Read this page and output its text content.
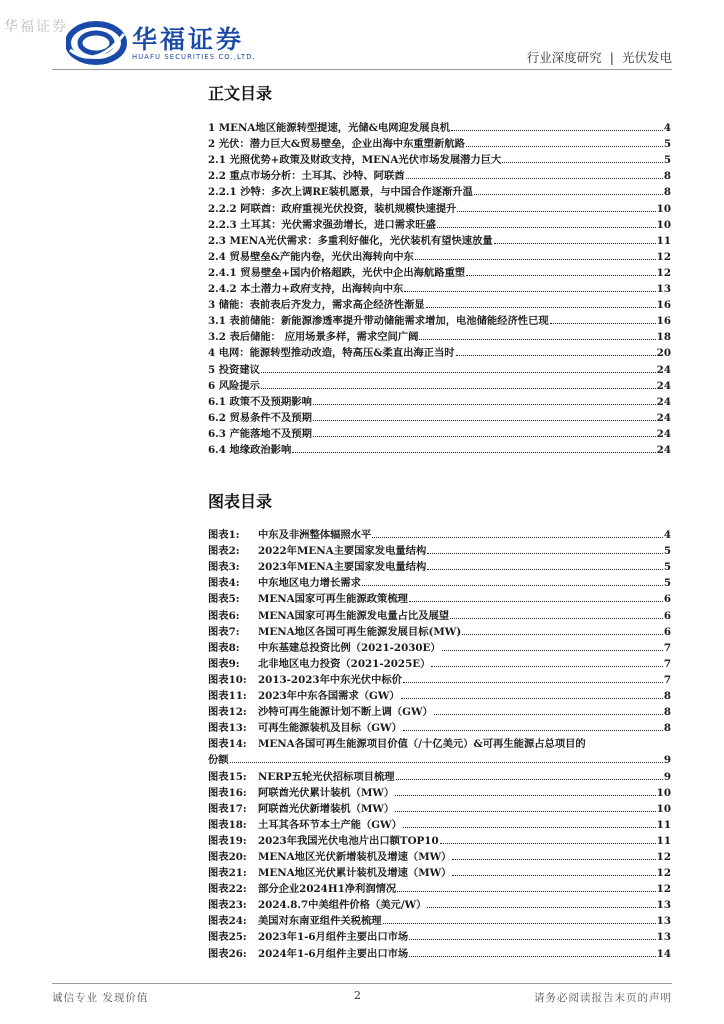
华福证券	华福证券
HUAFU SECURITIES CO.,LTD.	行业深度研究 | 光伏发电
正文目录
1 MENA地区能源转型提速，光储&电网迎发展良机	4
2 光伏：潜力巨大&贸易壁垒，企业出海中东重塑新航路	5
2.1 光照优势+政策及财政支持，MENA光伏市场发展潜力巨大	5
2.2 重点市场分析：土耳其、沙特、阿联酋	8
2.2.1 沙特：多次上调RE装机愿景，与中国合作逐渐升温	8
2.2.2 阿联酋：政府重视光伏投资，装机规模快速提升	10
2.2.3 土耳其：光伏需求强劲增长，进口需求旺盛	10
2.3 MENA光伏需求：多重利好催化，光伏装机有望快速放量	11
2.4 贸易壁垒&产能内卷，光伏出海转向中东	12
2.4.1 贸易壁垒+国内价格超跌，光伏中企出海航路重塑	12
2.4.2 本土潜力+政府支持，出海转向中东	13
3 储能：表前表后齐发力，需求高企经济性渐显	16
3.1 表前储能：新能源渗透率提升带动储能需求增加，电池储能经济性已现	16
3.2 表后储能： 应用场景多样，需求空间广阔	18
4 电网：能源转型推动改造，特高压&柔直出海正当时	20
5 投资建议	24
6 风险提示	24
6.1 政策不及预期影响	24
6.2 贸易条件不及预期	24
6.3 产能落地不及预期	24
6.4 地缘政治影响	24
图表目录
图表1: 中东及非洲整体辐照水平	4
图表2: 2022年MENA主要国家发电量结构	5
图表3: 2023年MENA主要国家发电量结构	5
图表4: 中东地区电力增长需求	5
图表5: MENA国家可再生能源政策梳理	6
图表6: MENA国家可再生能源发电量占比及展望	6
图表7: MENA地区各国可再生能源发展目标(MW)	6
图表8: 中东基建总投资比例（2021-2030E）	7
图表9: 北非地区电力投资（2021-2025E）	7
图表10: 2013-2023年中东光伏中标价	7
图表11: 2023年中东各国需求（GW）	8
图表12: 沙特可再生能源计划不断上调（GW）	8
图表13: 可再生能源装机及目标（GW）	8
图表14: MENA各国可再生能源项目价值（/十亿美元）&可再生能源占总项目的
份额	9
图表15: NERP五轮光伏招标项目梳理	9
图表16: 阿联酋光伏累计装机（MW）	10
图表17: 阿联酋光伏新增装机（MW）	10
图表18: 土耳其各环节本土产能（GW）	11
图表19: 2023年我国光伏电池片出口额TOP10	11
图表20: MENA地区光伏新增装机及增速（MW）	12
图表21: MENA地区光伏累计装机及增速（MW）	12
图表22: 部分企业2024H1净利润情况	12
图表23: 2024.8.7中美组件价格（美元/W）	13
图表24: 美国对东南亚组件关税梳理	13
图表25: 2023年1-6月组件主要出口市场	13
图表26: 2024年1-6月组件主要出口市场	14
诚信专业 发现价值	2	请务必阅读报告末页的声明
